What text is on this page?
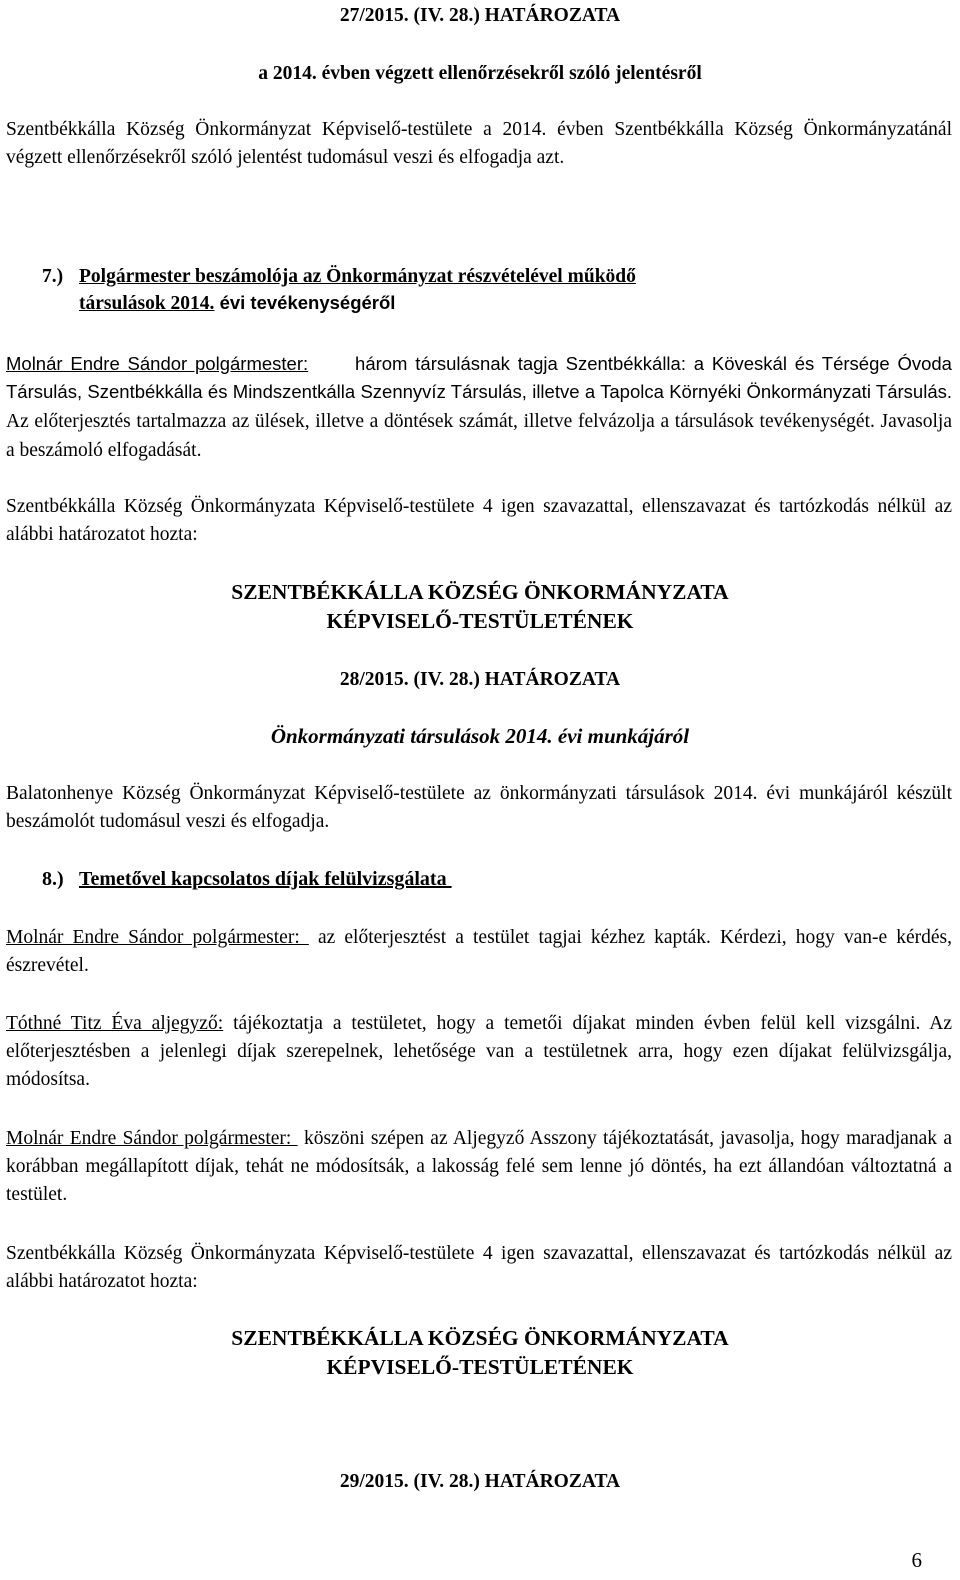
27/2015. (IV. 28.) HATÁROZATA

a 2014. évben végzett ellenőrzésekről szóló jelentésről

Szentbékkálla Község Önkormányzat Képviselő-testülete a 2014. évben Szentbékkálla Község Önkormányzatánál végzett ellenőrzésekről szóló jelentést tudomásul veszi és elfogadja azt.

7.) Polgármester beszámolója az Önkormányzat részvételével működő
társulások 2014. évi tevékenységéről

Molnár Endre Sándor polgármester:	három társulásnak tagja Szentbékkálla: a Köveskál és Térsége Óvoda Társulás, Szentbékkálla és Mindszentkálla Szennyvíz Társulás, illetve a Tapolca Környéki Önkormányzati Társulás. Az előterjesztés tartalmazza az ülések, illetve a döntések számát, illetve felvázolja a társulások tevékenységét. Javasolja a beszámoló elfogadását.

Szentbékkálla Község Önkormányzata Képviselő-testülete 4 igen szavazattal, ellenszavazat és tartózkodás nélkül az alábbi határozatot hozta:

SZENTBÉKKÁLLA KÖZSÉG ÖNKORMÁNYZATA

KÉPVISELŐ-TESTÜLETÉNEK

28/2015. (IV. 28.) HATÁROZATA

Önkormányzati társulások 2014. évi munkájáról

Balatonhenye Község Önkormányzat Képviselő-testülete az önkormányzati társulások 2014. évi munkájáról készült beszámolót tudomásul veszi és elfogadja.

8.) Temetővel kapcsolatos díjak felülvizsgálata

Molnár Endre Sándor polgármester:  az előterjesztést a testület tagjai kézhez kapták. Kérdezi, hogy van-e kérdés, észrevétel.

Tóthné Titz Éva aljegyző: tájékoztatja a testületet, hogy a temetői díjakat minden évben felül kell vizsgálni. Az előterjesztésben a jelenlegi díjak szerepelnek, lehetősége van a testületnek arra, hogy ezen díjakat felülvizsgálja, módosítsa.

Molnár Endre Sándor polgármester:  köszöni szépen az Aljegyző Asszony tájékoztatását, javasolja, hogy maradjanak a korábban megállapított díjak, tehát ne módosítsák, a lakosság felé sem lenne jó döntés, ha ezt állandóan változtatná a testület.

Szentbékkálla Község Önkormányzata Képviselő-testülete 4 igen szavazattal, ellenszavazat és tartózkodás nélkül az alábbi határozatot hozta:

SZENTBÉKKÁLLA KÖZSÉG ÖNKORMÁNYZATA

KÉPVISELŐ-TESTÜLETÉNEK

29/2015. (IV. 28.) HATÁROZATA

6
